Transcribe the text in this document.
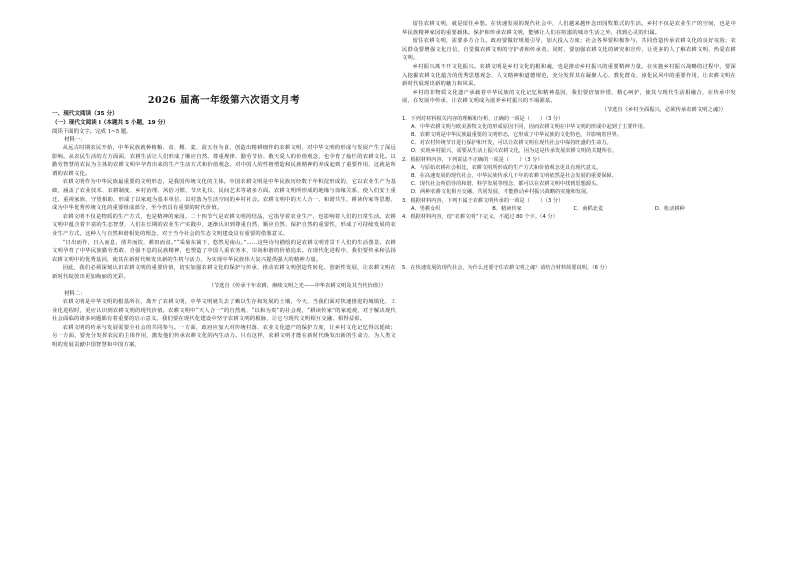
2026 届高一年级第六次语文月考
一、现代文阅读（35 分）
（一）现代文阅读 I（本题共 5 小题，19 分）
阅读下面的文字，完成 1~5 题。
材料一：

从远古时期农民开始，中华民族就种植粮、食、稷、麦、菽五谷为食，创造出精耕细作的农耕文明，对中华文明的形成与发展产生了深远影响。从农民生活的方方面面，农耕生活让人们形成了顺应自然、尊重规律、勤劳节俭、敬天爱人的价值观念，也孕育了灿烂的农耕文化。以勤劳智慧的农民为主体的农耕文明中孕育出来的生产生活方式和价值观念，对中国人的性格塑造和民族精神的养成起到了重要作用，这就是所谓的农耕文化。

农耕文明作为中华民族最重要的文明形态，是我国传统文化的主体。中国农耕文明是中华民族历经数千年积淀形成的，它以农业生产为基础，涵盖了农业技术、农耕制度、乡村治理、风俗习惯、节庆礼仪、民间艺术等诸多方面。农耕文明所形成的地缘与血缘关系，使人们安土重迁、重视家族、守望相助，形成了以家庭为基本单位、以村落为生活空间的乡村社会。农耕文明中的天人合一、和谐共生、耕读传家等思想，成为中华优秀传统文化的重要组成部分，至今仍具有重要的时代价值。

农耕文明不仅是物质的生产方式，也是精神的家园。二十四节气是农耕文明的结晶，它指导着农业生产，也影响着人们的日常生活。农耕文明中蕴含着丰富的生态智慧，人们在长期的农业生产实践中，逐渐认识到尊重自然、顺应自然、保护自然的重要性，形成了可持续发展的农业生产方式。这种人与自然和谐相处的理念，对于当今社会的生态文明建设具有重要的借鉴意义。

“日出而作，日入而息，凿井而饮，耕田而食。”“采菊东篱下，悠然见南山。”……这些诗句描绘的是农耕文明背景下人们的生活图景。农耕文明孕育了中华民族勤劳勇敢、自强不息的民族精神，也塑造了中国人重农务本、崇尚和谐的价值追求。在现代化进程中，我们要传承和弘扬农耕文明中的优秀基因，使其在新时代焕发出新的生机与活力，为实现中华民族伟大复兴提供强大的精神力量。

因此，我们必须深刻认识农耕文明的重要价值，切实加强农耕文化的保护与传承，推动农耕文明创造性转化、创新性发展，让农耕文明在新时代绽放出更加绚丽的光彩。

（节选自《传承千年农耕，赓续文明之光——中华农耕文明及其当代价值》）

材料二：

农耕文明是中华文明的根基所在，离开了农耕文明，中华文明就失去了赖以生存和发展的土壤。今天，当我们面对快速推进的城镇化、工业化进程时，更应认识到农耕文明的现代价值。农耕文明中“天人合一”的自然观、“以和为贵”的社会观、“耕读传家”的家庭观，对于解决现代社会面临的诸多问题都有着重要的启示意义。我们要在现代化建设中坚守农耕文明的根脉，让它与现代文明相互交融、相得益彰。

农耕文明的传承与发展需要全社会的共同参与。一方面，政府应加大对传统村落、农业文化遗产的保护力度，让乡村文化记忆得以延续；另一方面，要充分发挥农民的主体作用，激发他们传承农耕文化的内生动力。只有这样，农耕文明才能在新时代焕发出新的生命力，为人类文明的发展贡献中国智慧和中国方案。

留住农耕文明，就是留住乡愁。在快速发展的现代社会中，人们越来越怀念田园牧歌式的生活。乡村不仅是农业生产的空间，也是中华民族精神家园的重要载体。保护和传承农耕文明，能够让人们在喧嚣的城市生活之外，找到心灵的归属。

留住农耕文明，需要多方合力。政府要做好规划引导，加大投入力度；社会各界要积极参与，共同营造传承农耕文化的良好氛围；农民群众要增强文化自信，自觉做农耕文明的守护者和传承者。同时，要加强农耕文化的研究和宣传，让更多的人了解农耕文明、热爱农耕文明。

乡村振兴离不开文化振兴。农耕文明是乡村文化的根和魂，也是推动乡村振兴的重要精神力量。在实施乡村振兴战略的过程中，要深入挖掘农耕文化蕴含的优秀思想观念、人文精神和道德规范，充分发挥其在凝聚人心、教化群众、淳化民风中的重要作用，让农耕文明在新时代展现出新的魅力和风采。

乡村的非物质文化遗产承载着中华民族的文化记忆和精神基因，我们要倍加珍惜、精心呵护，使其与现代生活相融合，在传承中发展，在发展中传承，让农耕文明成为滋养乡村振兴的不竭源泉。

（节选自《乡村全面振兴，必须传承农耕文明之魂》）

1．下列对材料相关内容的理解和分析，正确的一项是（　　）（3 分）
A．中华农耕文明与欧美游牧文化的形成原因不同，因而农耕文明在中华文明的形成中起到了主要作用。
B．农耕文明是中华民族最重要的文明形态，它形成了中华民族的文化特色，并影响着世界。
C．对农村传统节日进行保护和开发，可以让农耕文明在现代社会中保持旺盛的生命力。
D．实现乡村振兴，需要从生活上振兴农耕文化，因为这是传承发展农耕文明的关键所在。
2．根据材料内容，下列说法不正确的一项是（　　）（3 分）
A．与原始农耕社会相比，农耕文明所形成的生产方式和价值观念更具有现代意义。
B．在高速发展的现代社会，中华民族传承几千年的农耕文明依然是社会发展的重要保障。
C．现代社会所倡导的和谐、科学发展等理念，都可以在农耕文明中找到思想源头。
D．两种农耕文化相互交融、共同发展，才能推动乡村振兴战略的实施和发展。
3．根据材料内容，下列不属于农耕文明传承的一项是（　　）（3 分）
A．男耕女织	B．精读传家	C．南稻北麦	D．机动耕种
4．根据材料内容，给“农耕文明”下定义，不超过 80 个字。（4 分）
5．在快速发展的现代社会，为什么还要守住农耕文明之魂？请结合材料简要说明。（6 分）
